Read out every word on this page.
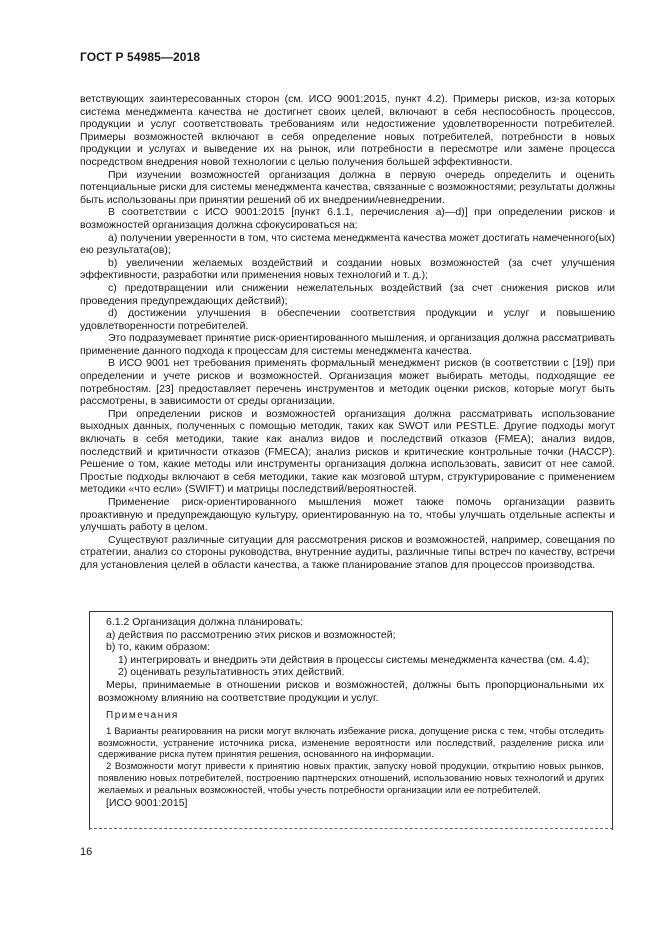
ГОСТ Р 54985—2018

ветствующих заинтересованных сторон (см. ИСО 9001:2015, пункт 4.2). Примеры рисков, из-за которых система менеджмента качества не достигнет своих целей, включают в себя неспособность процессов, продукции и услуг соответствовать требованиям или недостижение удовлетворенности потребителей. Примеры возможностей включают в себя определение новых потребителей, потребности в новых продукции и услугах и выведение их на рынок, или потребности в пересмотре или замене процесса посредством внедрения новой технологии с целью получения большей эффективности.

При изучении возможностей организация должна в первую очередь определить и оценить потенциальные риски для системы менеджмента качества, связанные с возможностями; результаты должны быть использованы при принятии решений об их внедрении/невнедрении.

В соответствии с ИСО 9001:2015 [пункт 6.1.1, перечисления а)—d)] при определении рисков и возможностей организация должна сфокусироваться на:

a) получении уверенности в том, что система менеджмента качества может достигать намеченного(ых) ею результата(ов);

b) увеличении желаемых воздействий и создании новых возможностей (за счет улучшения эффективности, разработки или применения новых технологий и т. д.);

c) предотвращении или снижении нежелательных воздействий (за счет снижения рисков или проведения предупреждающих действий);

d) достижении улучшения в обеспечении соответствия продукции и услуг и повышению удовлетворенности потребителей.

Это подразумевает принятие риск-ориентированного мышления, и организация должна рассматривать применение данного подхода к процессам для системы менеджмента качества.

В ИСО 9001 нет требования применять формальный менеджмент рисков (в соответствии с [19]) при определении и учете рисков и возможностей. Организация может выбирать методы, подходящие ее потребностям. [23] предоставляет перечень инструментов и методик оценки рисков, которые могут быть рассмотрены, в зависимости от среды организации.

При определении рисков и возможностей организация должна рассматривать использование выходных данных, полученных с помощью методик, таких как SWOT или PESTLE. Другие подходы могут включать в себя методики, такие как анализ видов и последствий отказов (FMEA); анализ видов, последствий и критичности отказов (FMECA); анализ рисков и критические контрольные точки (HACCP). Решение о том, какие методы или инструменты организация должна использовать, зависит от нее самой. Простые подходы включают в себя методики, такие как мозговой штурм, структурирование с применением методики «что если» (SWIFT) и матрицы последствий/вероятностей.

Применение риск-ориентированного мышления может также помочь организации развить проактивную и предупреждающую культуру, ориентированную на то, чтобы улучшать отдельные аспекты и улучшать работу в целом.

Существуют различные ситуации для рассмотрения рисков и возможностей, например, совещания по стратегии, анализ со стороны руководства, внутренние аудиты, различные типы встреч по качеству, встречи для установления целей в области качества, а также планирование этапов для процессов производства.

6.1.2 Организация должна планировать:

a) действия по рассмотрению этих рисков и возможностей;

b) то, каким образом:

1) интегрировать и внедрить эти действия в процессы системы менеджмента качества (см. 4.4);

2) оценивать результативность этих действий.

Меры, принимаемые в отношении рисков и возможностей, должны быть пропорциональными их возможному влиянию на соответствие продукции и услуг.

Примечания

1 Варианты реагирования на риски могут включать избежание риска, допущение риска с тем, чтобы отследить возможности, устранение источника риска, изменение вероятности или последствий, разделение риска или сдерживание риска путем принятия решения, основанного на информации.

2 Возможности могут привести к принятию новых практик, запуску новой продукции, открытию новых рынков, появлению новых потребителей, построению партнерских отношений, использованию новых технологий и других желаемых и реальных возможностей, чтобы учесть потребности организации или ее потребителей.

[ИСО 9001:2015]

16
